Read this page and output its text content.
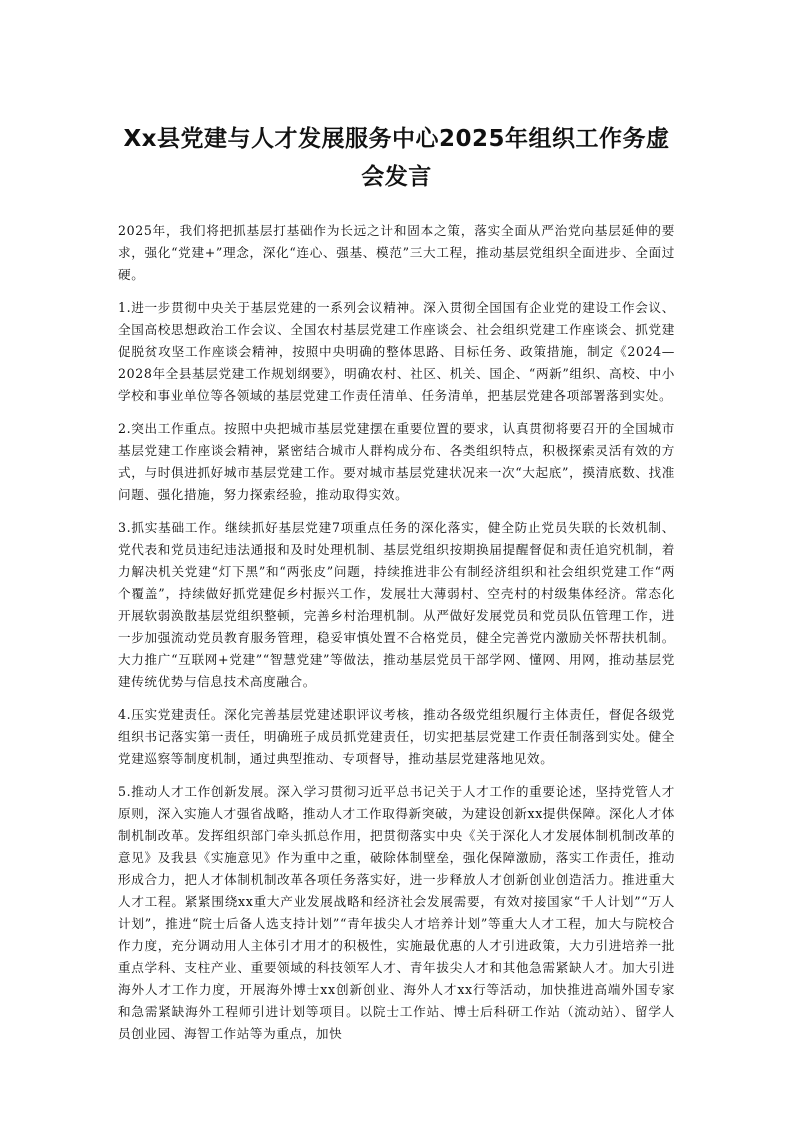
Xx县党建与人才发展服务中心2025年组织工作务虚会发言

2025年，我们将把抓基层打基础作为长远之计和固本之策，落实全面从严治党向基层延伸的要求，强化“党建+”理念，深化“连心、强基、模范”三大工程，推动基层党组织全面进步、全面过硬。

1.进一步贯彻中央关于基层党建的一系列会议精神。深入贯彻全国国有企业党的建设工作会议、全国高校思想政治工作会议、全国农村基层党建工作座谈会、社会组织党建工作座谈会、抓党建促脱贫攻坚工作座谈会精神，按照中央明确的整体思路、目标任务、政策措施，制定《2024—2028年全县基层党建工作规划纲要》，明确农村、社区、机关、国企、“两新”组织、高校、中小学校和事业单位等各领域的基层党建工作责任清单、任务清单，把基层党建各项部署落到实处。

2.突出工作重点。按照中央把城市基层党建摆在重要位置的要求，认真贯彻将要召开的全国城市基层党建工作座谈会精神，紧密结合城市人群构成分布、各类组织特点，积极探索灵活有效的方式，与时俱进抓好城市基层党建工作。要对城市基层党建状况来一次“大起底”，摸清底数、找准问题、强化措施，努力探索经验，推动取得实效。

3.抓实基础工作。继续抓好基层党建7项重点任务的深化落实，健全防止党员失联的长效机制、党代表和党员违纪违法通报和及时处理机制、基层党组织按期换届提醒督促和责任追究机制，着力解决机关党建“灯下黑”和“两张皮”问题，持续推进非公有制经济组织和社会组织党建工作“两个覆盖”，持续做好抓党建促乡村振兴工作，发展壮大薄弱村、空壳村的村级集体经济。常态化开展软弱涣散基层党组织整顿，完善乡村治理机制。从严做好发展党员和党员队伍管理工作，进一步加强流动党员教育服务管理，稳妥审慎处置不合格党员，健全完善党内激励关怀帮扶机制。大力推广“互联网+党建”“智慧党建”等做法，推动基层党员干部学网、懂网、用网，推动基层党建传统优势与信息技术高度融合。

4.压实党建责任。深化完善基层党建述职评议考核，推动各级党组织履行主体责任，督促各级党组织书记落实第一责任，明确班子成员抓党建责任，切实把基层党建工作责任制落到实处。健全党建巡察等制度机制，通过典型推动、专项督导，推动基层党建落地见效。

5.推动人才工作创新发展。深入学习贯彻习近平总书记关于人才工作的重要论述，坚持党管人才原则，深入实施人才强省战略，推动人才工作取得新突破，为建设创新xx提供保障。深化人才体制机制改革。发挥组织部门牵头抓总作用，把贯彻落实中央《关于深化人才发展体制机制改革的意见》及我县《实施意见》作为重中之重，破除体制壁垒，强化保障激励，落实工作责任，推动形成合力，把人才体制机制改革各项任务落实好，进一步释放人才创新创业创造活力。推进重大人才工程。紧紧围绕xx重大产业发展战略和经济社会发展需要，有效对接国家“千人计划”“万人计划”，推进“院士后备人选支持计划”“青年拔尖人才培养计划”等重大人才工程，加大与院校合作力度，充分调动用人主体引才用才的积极性，实施最优惠的人才引进政策，大力引进培养一批重点学科、支柱产业、重要领域的科技领军人才、青年拔尖人才和其他急需紧缺人才。加大引进海外人才工作力度，开展海外博士xx创新创业、海外人才xx行等活动，加快推进高端外国专家和急需紧缺海外工程师引进计划等项目。以院士工作站、博士后科研工作站（流动站）、留学人员创业园、海智工作站等为重点，加快
